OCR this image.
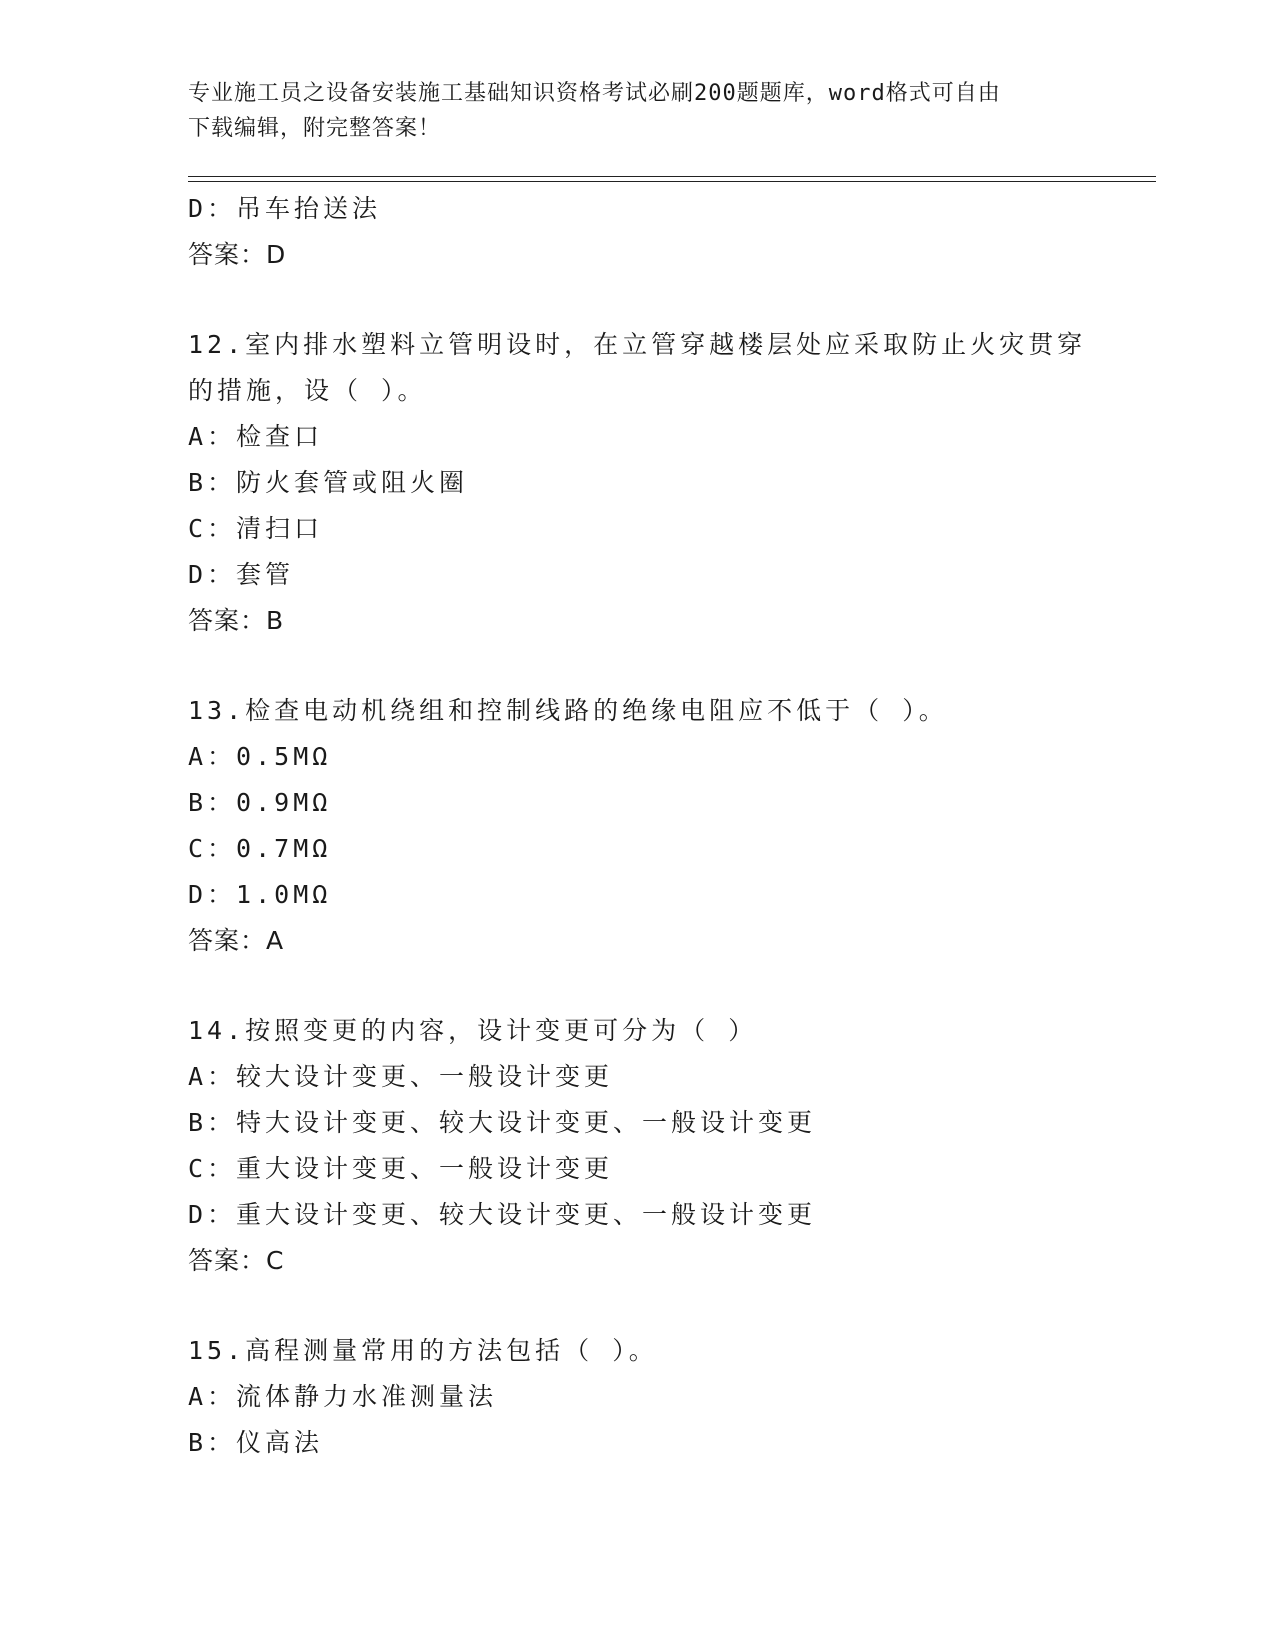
专业施工员之设备安装施工基础知识资格考试必刷200题题库，word格式可自由
下载编辑，附完整答案！
D：吊车抬送法
答案：D
12.室内排水塑料立管明设时，在立管穿越楼层处应采取防止火灾贯穿
的措施，设（ ）。
A：检查口
B：防火套管或阻火圈
C：清扫口
D：套管
答案：B
13.检查电动机绕组和控制线路的绝缘电阻应不低于（ ）。
A：0.5MΩ
B：0.9MΩ
C：0.7MΩ
D：1.0MΩ
答案：A
14.按照变更的内容，设计变更可分为（ ）
A：较大设计变更、一般设计变更
B：特大设计变更、较大设计变更、一般设计变更
C：重大设计变更、一般设计变更
D：重大设计变更、较大设计变更、一般设计变更
答案：C
15.高程测量常用的方法包括（ ）。
A：流体静力水准测量法
B：仪高法
